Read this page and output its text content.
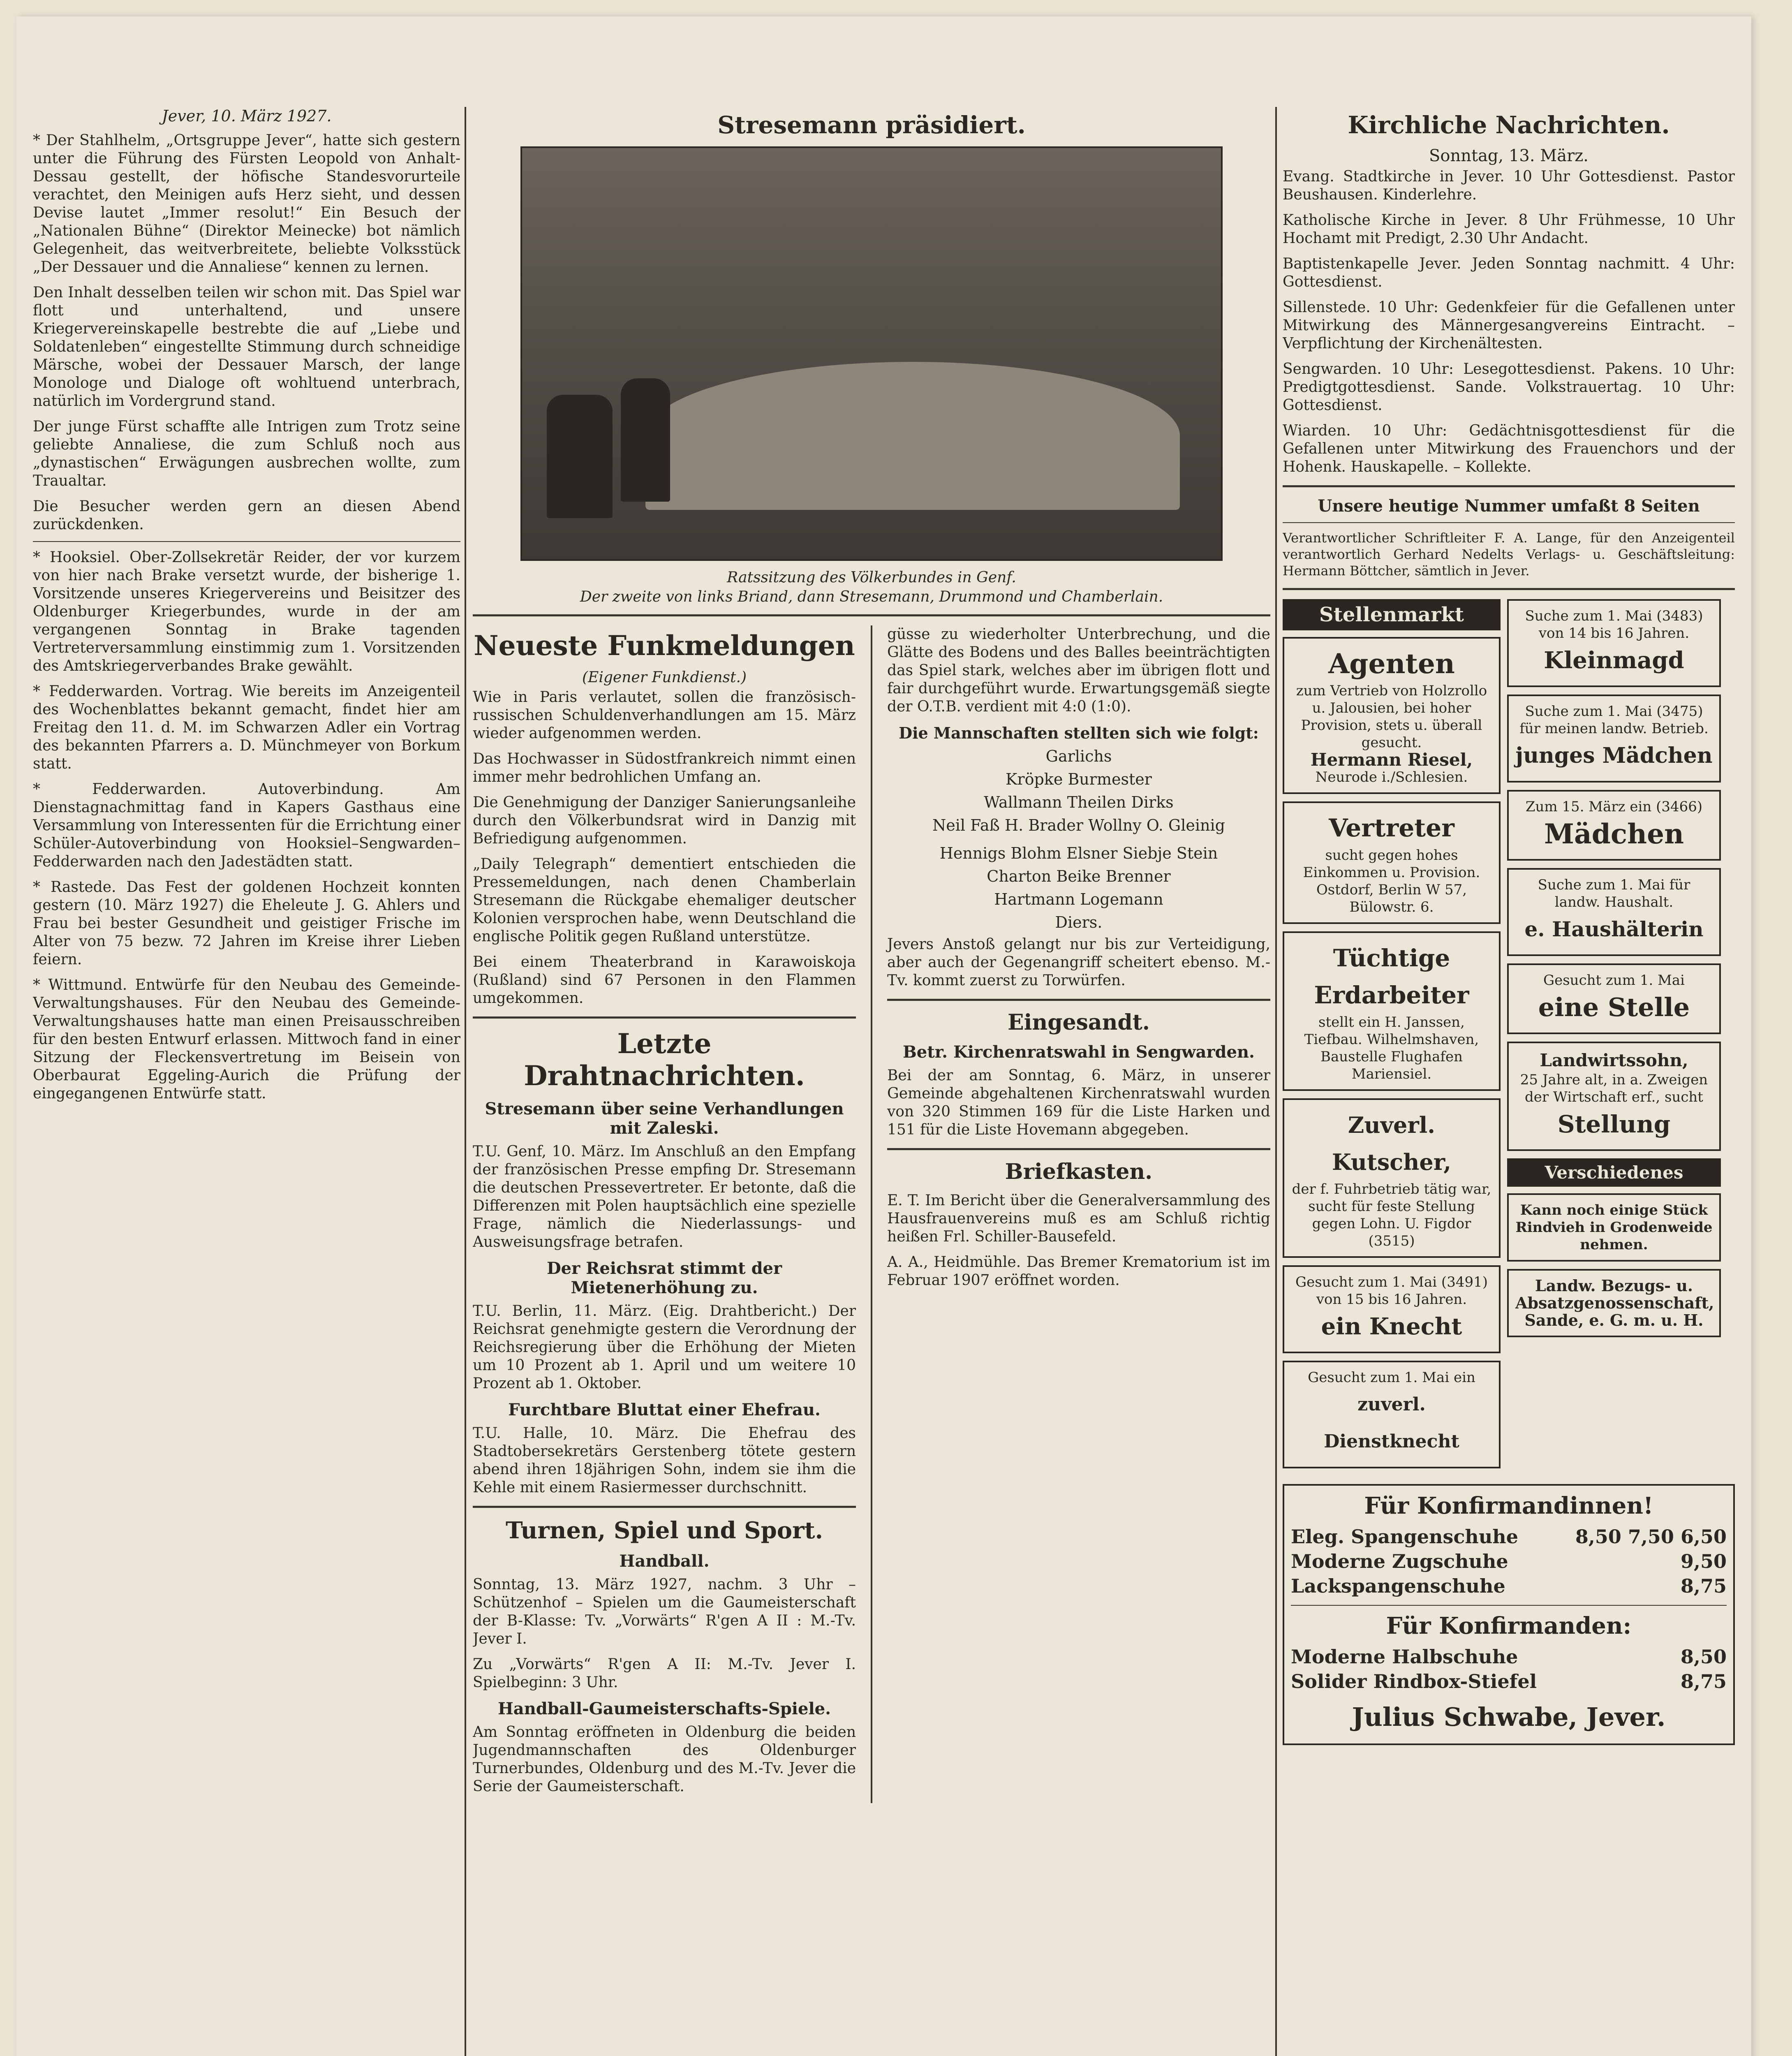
Jever, 10. März 1927.

* Der Stahlhelm, „Ortsgruppe Jever“, hatte sich gestern unter die Führung des Fürsten Leopold von Anhalt-Dessau gestellt, der höfische Standesvorurteile verachtet, den Meinigen aufs Herz sieht, und dessen Devise lautet „Immer resolut!“ Ein Besuch der „Nationalen Bühne“ (Direktor Meinecke) bot nämlich Gelegenheit, das weitverbreitete, beliebte Volksstück „Der Dessauer und die Annaliese“ kennen zu lernen.

Den Inhalt desselben teilen wir schon mit. Das Spiel war flott und unterhaltend, und unsere Kriegervereinskapelle bestrebte die auf „Liebe und Soldatenleben“ eingestellte Stimmung durch schneidige Märsche, wobei der Dessauer Marsch, der lange Monologe und Dialoge oft wohltuend unterbrach, natürlich im Vordergrund stand.

Der junge Fürst schaffte alle Intrigen zum Trotz seine geliebte Annaliese, die zum Schluß noch aus „dynastischen“ Erwägungen ausbrechen wollte, zum Traualtar.

Die Besucher werden gern an diesen Abend zurückdenken.

* Hooksiel. Ober-Zollsekretär Reider, der vor kurzem von hier nach Brake versetzt wurde, der bisherige 1. Vorsitzende unseres Kriegervereins und Beisitzer des Oldenburger Kriegerbundes, wurde in der am vergangenen Sonntag in Brake tagenden Vertreterversammlung einstimmig zum 1. Vorsitzenden des Amtskriegerverbandes Brake gewählt.

* Fedderwarden. Vortrag. Wie bereits im Anzeigenteil des Wochenblattes bekannt gemacht, findet hier am Freitag den 11. d. M. im Schwarzen Adler ein Vortrag des bekannten Pfarrers a. D. Münchmeyer von Borkum statt.

* Fedderwarden. Autoverbindung. Am Dienstagnachmittag fand in Kapers Gasthaus eine Versammlung von Interessenten für die Errichtung einer Schüler-Autoverbindung von Hooksiel–Sengwarden–Fedderwarden nach den Jadestädten statt.

* Rastede. Das Fest der goldenen Hochzeit konnten gestern (10. März 1927) die Eheleute J. G. Ahlers und Frau bei bester Gesundheit und geistiger Frische im Alter von 75 bezw. 72 Jahren im Kreise ihrer Lieben feiern.

* Wittmund. Entwürfe für den Neubau des Gemeinde-Verwaltungshauses. Für den Neubau des Gemeinde-Verwaltungshauses hatte man einen Preisausschreiben für den besten Entwurf erlassen. Mittwoch fand in einer Sitzung der Fleckensvertretung im Beisein von Oberbaurat Eggeling-Aurich die Prüfung der eingegangenen Entwürfe statt.

Stresemann präsidiert.
Ratssitzung des Völkerbundes in Genf.
Der zweite von links Briand, dann Stresemann, Drummond und Chamberlain.
Neueste Funkmeldungen
(Eigener Funkdienst.)

Wie in Paris verlautet, sollen die französisch-russischen Schuldenverhandlungen am 15. März wieder aufgenommen werden.

Das Hochwasser in Südostfrankreich nimmt einen immer mehr bedrohlichen Umfang an.

Die Genehmigung der Danziger Sanierungsanleihe durch den Völkerbundsrat wird in Danzig mit Befriedigung aufgenommen.

„Daily Telegraph“ dementiert entschieden die Pressemeldungen, nach denen Chamberlain Stresemann die Rückgabe ehemaliger deutscher Kolonien versprochen habe, wenn Deutschland die englische Politik gegen Rußland unterstütze.

Bei einem Theaterbrand in Karawoiskoja (Rußland) sind 67 Personen in den Flammen umgekommen.

Letzte Drahtnachrichten.
Stresemann über seine Verhandlungen mit Zaleski.

T.U. Genf, 10. März. Im Anschluß an den Empfang der französischen Presse empfing Dr. Stresemann die deutschen Pressevertreter. Er betonte, daß die Differenzen mit Polen hauptsächlich eine spezielle Frage, nämlich die Niederlassungs- und Ausweisungsfrage betrafen.

Der Reichsrat stimmt der Mietenerhöhung zu.

T.U. Berlin, 11. März. (Eig. Drahtbericht.) Der Reichsrat genehmigte gestern die Verordnung der Reichsregierung über die Erhöhung der Mieten um 10 Prozent ab 1. April und um weitere 10 Prozent ab 1. Oktober.

Furchtbare Bluttat einer Ehefrau.

T.U. Halle, 10. März. Die Ehefrau des Stadtobersekretärs Gerstenberg tötete gestern abend ihren 18jährigen Sohn, indem sie ihm die Kehle mit einem Rasiermesser durchschnitt.

Turnen, Spiel und Sport.
Handball.

Sonntag, 13. März 1927, nachm. 3 Uhr – Schützenhof – Spielen um die Gaumeisterschaft der B-Klasse: Tv. „Vorwärts“ R'gen A II : M.-Tv. Jever I.

Zu „Vorwärts“ R'gen A II: M.-Tv. Jever I. Spielbeginn: 3 Uhr.

Handball-Gaumeisterschafts-Spiele.

Am Sonntag eröffneten in Oldenburg die beiden Jugendmannschaften des Oldenburger Turnerbundes, Oldenburg und des M.-Tv. Jever die Serie der Gaumeisterschaft.

güsse zu wiederholter Unterbrechung, und die Glätte des Bodens und des Balles beeinträchtigten das Spiel stark, welches aber im übrigen flott und fair durchgeführt wurde. Erwartungsgemäß siegte der O.T.B. verdient mit 4:0 (1:0).

Die Mannschaften stellten sich wie folgt:
Garlichs
Kröpke Burmester
Wallmann Theilen Dirks
Neil Faß H. Brader Wollny O. Gleinig
Hennigs Blohm Elsner Siebje Stein
Charton Beike Brenner
Hartmann Logemann
Diers.

Jevers Anstoß gelangt nur bis zur Verteidigung, aber auch der Gegenangriff scheitert ebenso. M.-Tv. kommt zuerst zu Torwürfen.

Eingesandt.
Betr. Kirchenratswahl in Sengwarden.

Bei der am Sonntag, 6. März, in unserer Gemeinde abgehaltenen Kirchenratswahl wurden von 320 Stimmen 169 für die Liste Harken und 151 für die Liste Hovemann abgegeben.

Briefkasten.

E. T. Im Bericht über die Generalversammlung des Hausfrauenvereins muß es am Schluß richtig heißen Frl. Schiller-Bausefeld.

A. A., Heidmühle. Das Bremer Krematorium ist im Februar 1907 eröffnet worden.

Kirchliche Nachrichten.
Sonntag, 13. März.

Evang. Stadtkirche in Jever. 10 Uhr Gottesdienst. Pastor Beushausen. Kinderlehre.

Katholische Kirche in Jever. 8 Uhr Frühmesse, 10 Uhr Hochamt mit Predigt, 2.30 Uhr Andacht.

Baptistenkapelle Jever. Jeden Sonntag nachmitt. 4 Uhr: Gottesdienst.

Sillenstede. 10 Uhr: Gedenkfeier für die Gefallenen unter Mitwirkung des Männergesangvereins Eintracht. – Verpflichtung der Kirchenältesten.

Sengwarden. 10 Uhr: Lesegottesdienst. Pakens. 10 Uhr: Predigtgottesdienst. Sande. Volkstrauertag. 10 Uhr: Gottesdienst.

Wiarden. 10 Uhr: Gedächtnisgottesdienst für die Gefallenen unter Mitwirkung des Frauenchors und der Hohenk. Hauskapelle. – Kollekte.

Unsere heutige Nummer umfaßt 8 Seiten

Verantwortlicher Schriftleiter F. A. Lange, für den Anzeigenteil verantwortlich Gerhard Nedelts Verlags- u. Geschäftsleitung: Hermann Böttcher, sämtlich in Jever.

Stellenmarkt
Agenten
zum Vertrieb von Holzrollo u. Jalousien, bei hoher Provision, stets u. überall gesucht.
Hermann Riesel,
Neurode i./Schlesien.
Vertreter
sucht gegen hohes Einkommen u. Provision. Ostdorf, Berlin W 57, Bülowstr. 6.
Tüchtige Erdarbeiter
stellt ein H. Janssen, Tiefbau. Wilhelmshaven, Baustelle Flughafen Mariensiel.
Zuverl. Kutscher,
der f. Fuhrbetrieb tätig war, sucht für feste Stellung gegen Lohn. U. Figdor (3515)
Gesucht zum 1. Mai (3491) von 15 bis 16 Jahren.
ein Knecht
Gesucht zum 1. Mai ein
zuverl. Dienstknecht
Suche zum 1. Mai (3483) von 14 bis 16 Jahren.
Kleinmagd
Suche zum 1. Mai (3475) für meinen landw. Betrieb.
junges Mädchen
Zum 15. März ein (3466)
Mädchen
Suche zum 1. Mai für landw. Haushalt.
e. Haushälterin
Gesucht zum 1. Mai
eine Stelle
Landwirtssohn,
25 Jahre alt, in a. Zweigen der Wirtschaft erf., sucht
Stellung
Verschiedenes
Kann noch einige Stück Rindvieh in Grodenweide nehmen.
Landw. Bezugs- u. Absatzgenossenschaft, Sande, e. G. m. u. H.
Für Konfirmandinnen!
Eleg. Spangenschuhe	8,50 7,50 6,50
Moderne Zugschuhe	9,50
Lackspangenschuhe	8,75
Für Konfirmanden:
Moderne Halbschuhe	8,50
Solider Rindbox-Stiefel	8,75
Julius Schwabe, Jever.
